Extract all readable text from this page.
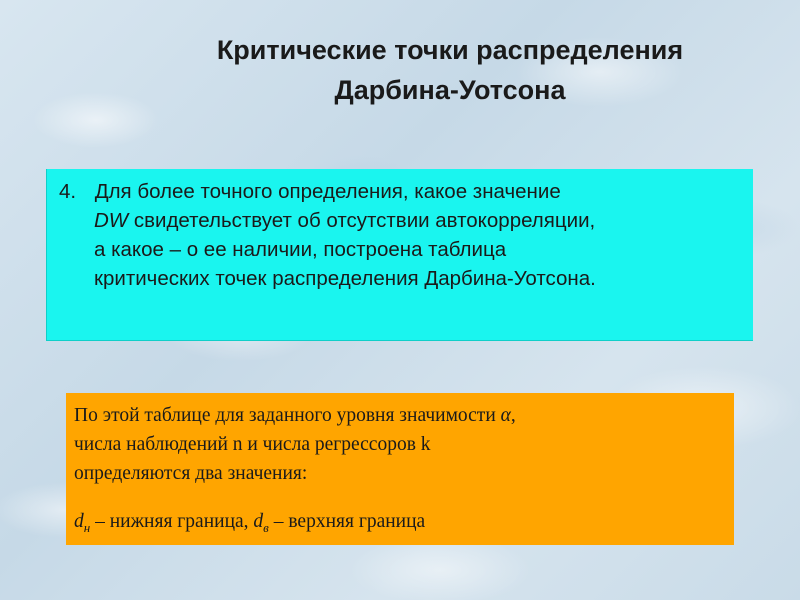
Критические точки распределения
Дарбина-Уотсона
4. Для более точного определения, какое значение
DW свидетельствует об отсутствии автокорреляции,
а какое – о ее наличии, построена таблица
критических точек распределения Дарбина-Уотсона.
По этой таблице для заданного уровня значимости α,
числа наблюдений n и числа регрессоров k
определяются два значения:
$d_н$ – нижняя граница, $d_в$ – верхняя граница
